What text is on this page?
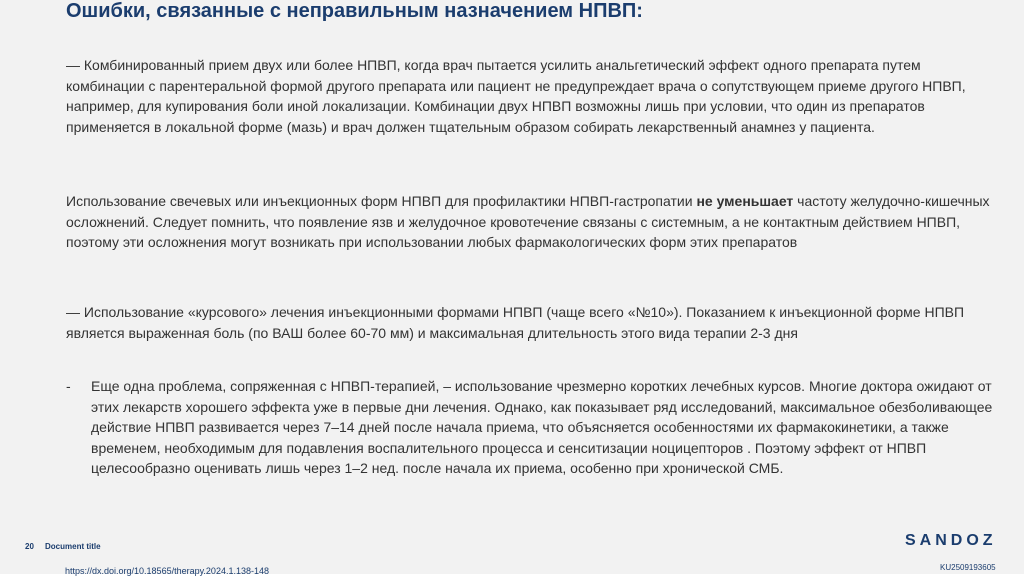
Ошибки, связанные с неправильным назначением НПВП:

— Комбинированный прием двух или более НПВП, когда врач пытается усилить анальгетический эффект одного препарата путем комбинации с парентеральной формой другого препарата или пациент не предупреждает врача о сопутствующем приеме другого НПВП, например, для купирования боли иной локализации. Комбинации двух НПВП возможны лишь при условии, что один из препаратов применяется в локальной форме (мазь) и врач должен тщательным образом собирать лекарственный анамнез у пациента.

Использование свечевых или инъекционных форм НПВП для профилактики НПВП-гастропатии не уменьшает частоту желудочно-кишечных осложнений. Следует помнить, что появление язв и желудочное кровотечение связаны с системным, а не контактным действием НПВП, поэтому эти осложнения могут возникать при использовании любых фармакологических форм этих препаратов

— Использование «курсового» лечения инъекционными формами НПВП (чаще всего «№10»). Показанием к инъекционной форме НПВП является выраженная боль (по ВАШ более 60-70 мм) и максимальная длительность этого вида терапии 2-3 дня

- Еще одна проблема, сопряженная с НПВП-терапией, – использование чрезмерно коротких лечебных курсов. Многие доктора ожидают от этих лекарств хорошего эффекта уже в первые дни лечения. Однако, как показывает ряд исследований, максимальное обезболивающее действие НПВП развивается через 7–14 дней после начала приема, что объясняется особенностями их фармакокинетики, а также временем, необходимым для подавления воспалительного процесса и сенситизации ноцицепторов . Поэтому эффект от НПВП целесообразно оценивать лишь через 1–2 нед. после начала их приема, особенно при хронической СМБ.
20 Document title
https://dx.doi.org/10.18565/therapy.2024.1.138-148
SANDOZ
KU2509193605
